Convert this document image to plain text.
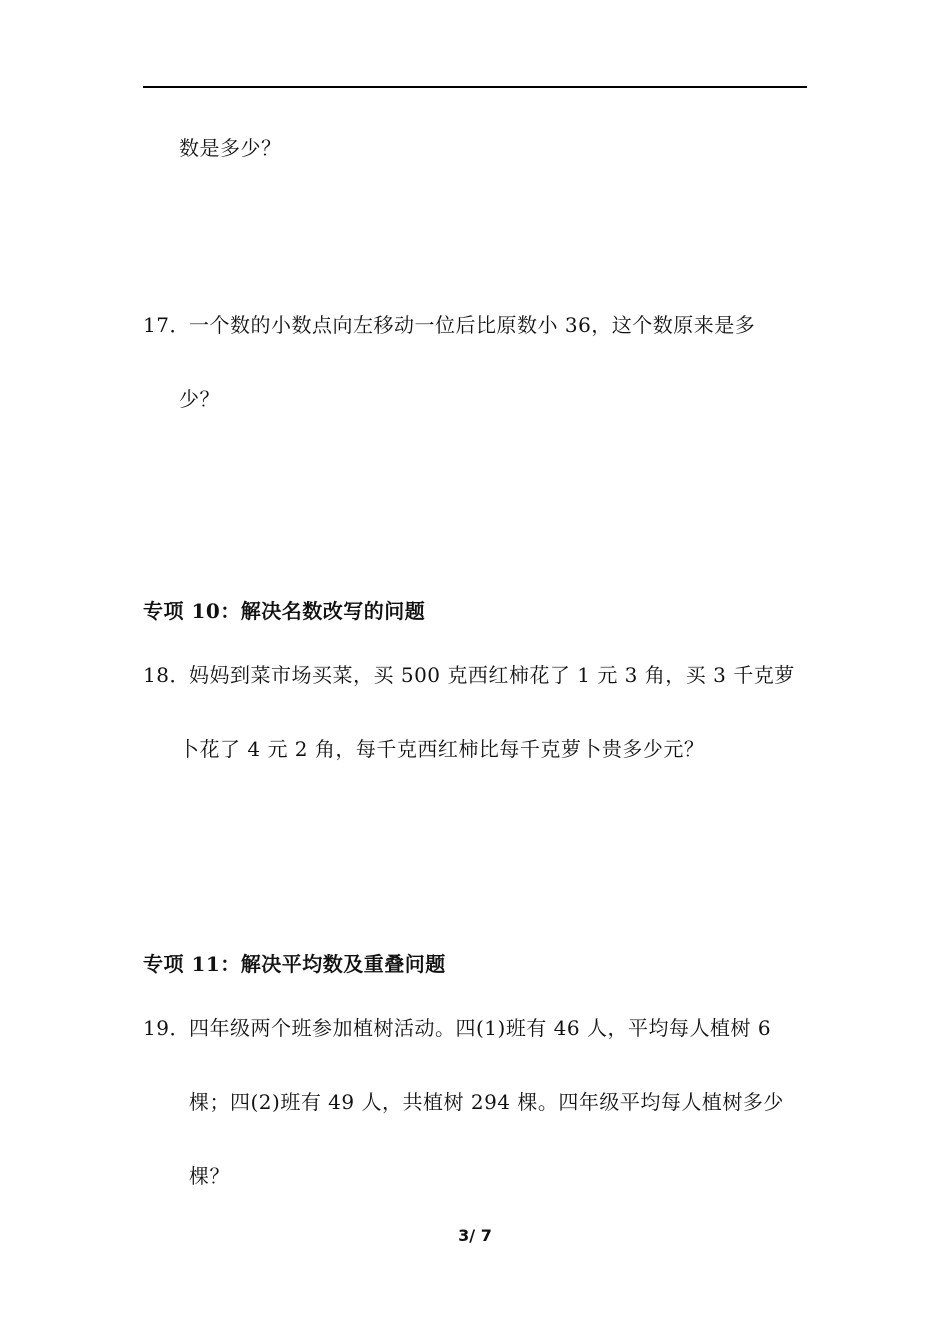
数是多少？
17．一个数的小数点向左移动一位后比原数小 36，这个数原来是多
少？
专项 10：解决名数改写的问题
18．妈妈到菜市场买菜，买 500 克西红柿花了 1 元 3 角，买 3 千克萝
卜花了 4 元 2 角，每千克西红柿比每千克萝卜贵多少元？
专项 11：解决平均数及重叠问题
19．四年级两个班参加植树活动。四(1)班有 46 人，平均每人植树 6
棵；四(2)班有 49 人，共植树 294 棵。四年级平均每人植树多少
棵？
3/ 7
